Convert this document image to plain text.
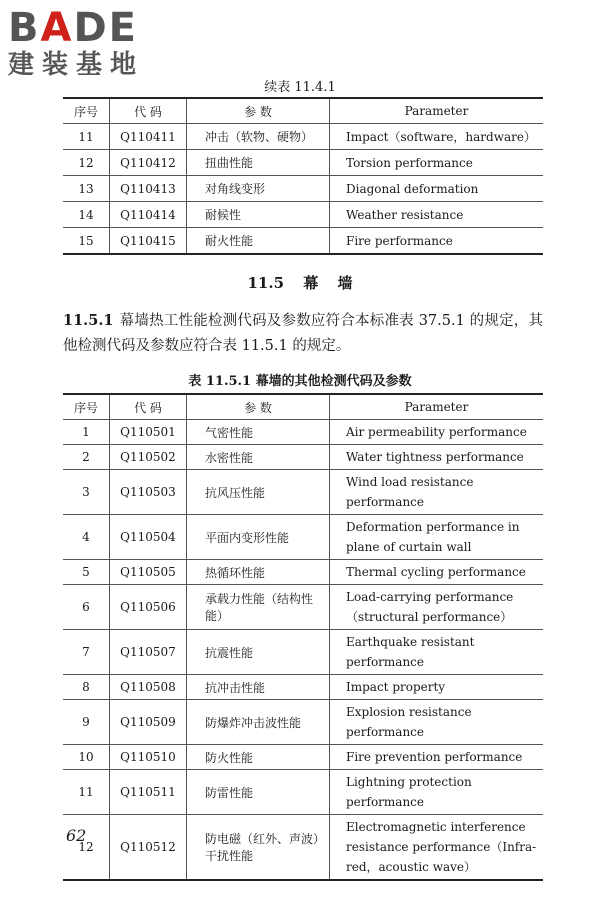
BADE
建装基地
续表 11.4.1
序号	代 码	参 数	Parameter
11	Q110411	冲击（软物、硬物）	Impact（software，hardware）
12	Q110412	扭曲性能	Torsion performance
13	Q110413	对角线变形	Diagonal deformation
14	Q110414	耐候性	Weather resistance
15	Q110415	耐火性能	Fire performance
11.5 幕 墙
11.5.1 幕墙热工性能检测代码及参数应符合本标准表 37.5.1 的规定，其他检测代码及参数应符合表 11.5.1 的规定。
表 11.5.1 幕墙的其他检测代码及参数
序号	代 码	参 数	Parameter
1	Q110501	气密性能	Air permeability performance
2	Q110502	水密性能	Water tightness performance
3	Q110503	抗风压性能	Wind load resistance performance
4	Q110504	平面内变形性能	Deformation performance in plane of curtain wall
5	Q110505	热循环性能	Thermal cycling performance
6	Q110506	承载力性能（结构性能）	Load-carrying performance（structural performance）
7	Q110507	抗震性能	Earthquake resistant performance
8	Q110508	抗冲击性能	Impact property
9	Q110509	防爆炸冲击波性能	Explosion resistance performance
10	Q110510	防火性能	Fire prevention performance
11	Q110511	防雷性能	Lightning protection performance
12	Q110512	防电磁（红外、声波）干扰性能	Electromagnetic interference resistance performance（Infra-red，acoustic wave）
62
